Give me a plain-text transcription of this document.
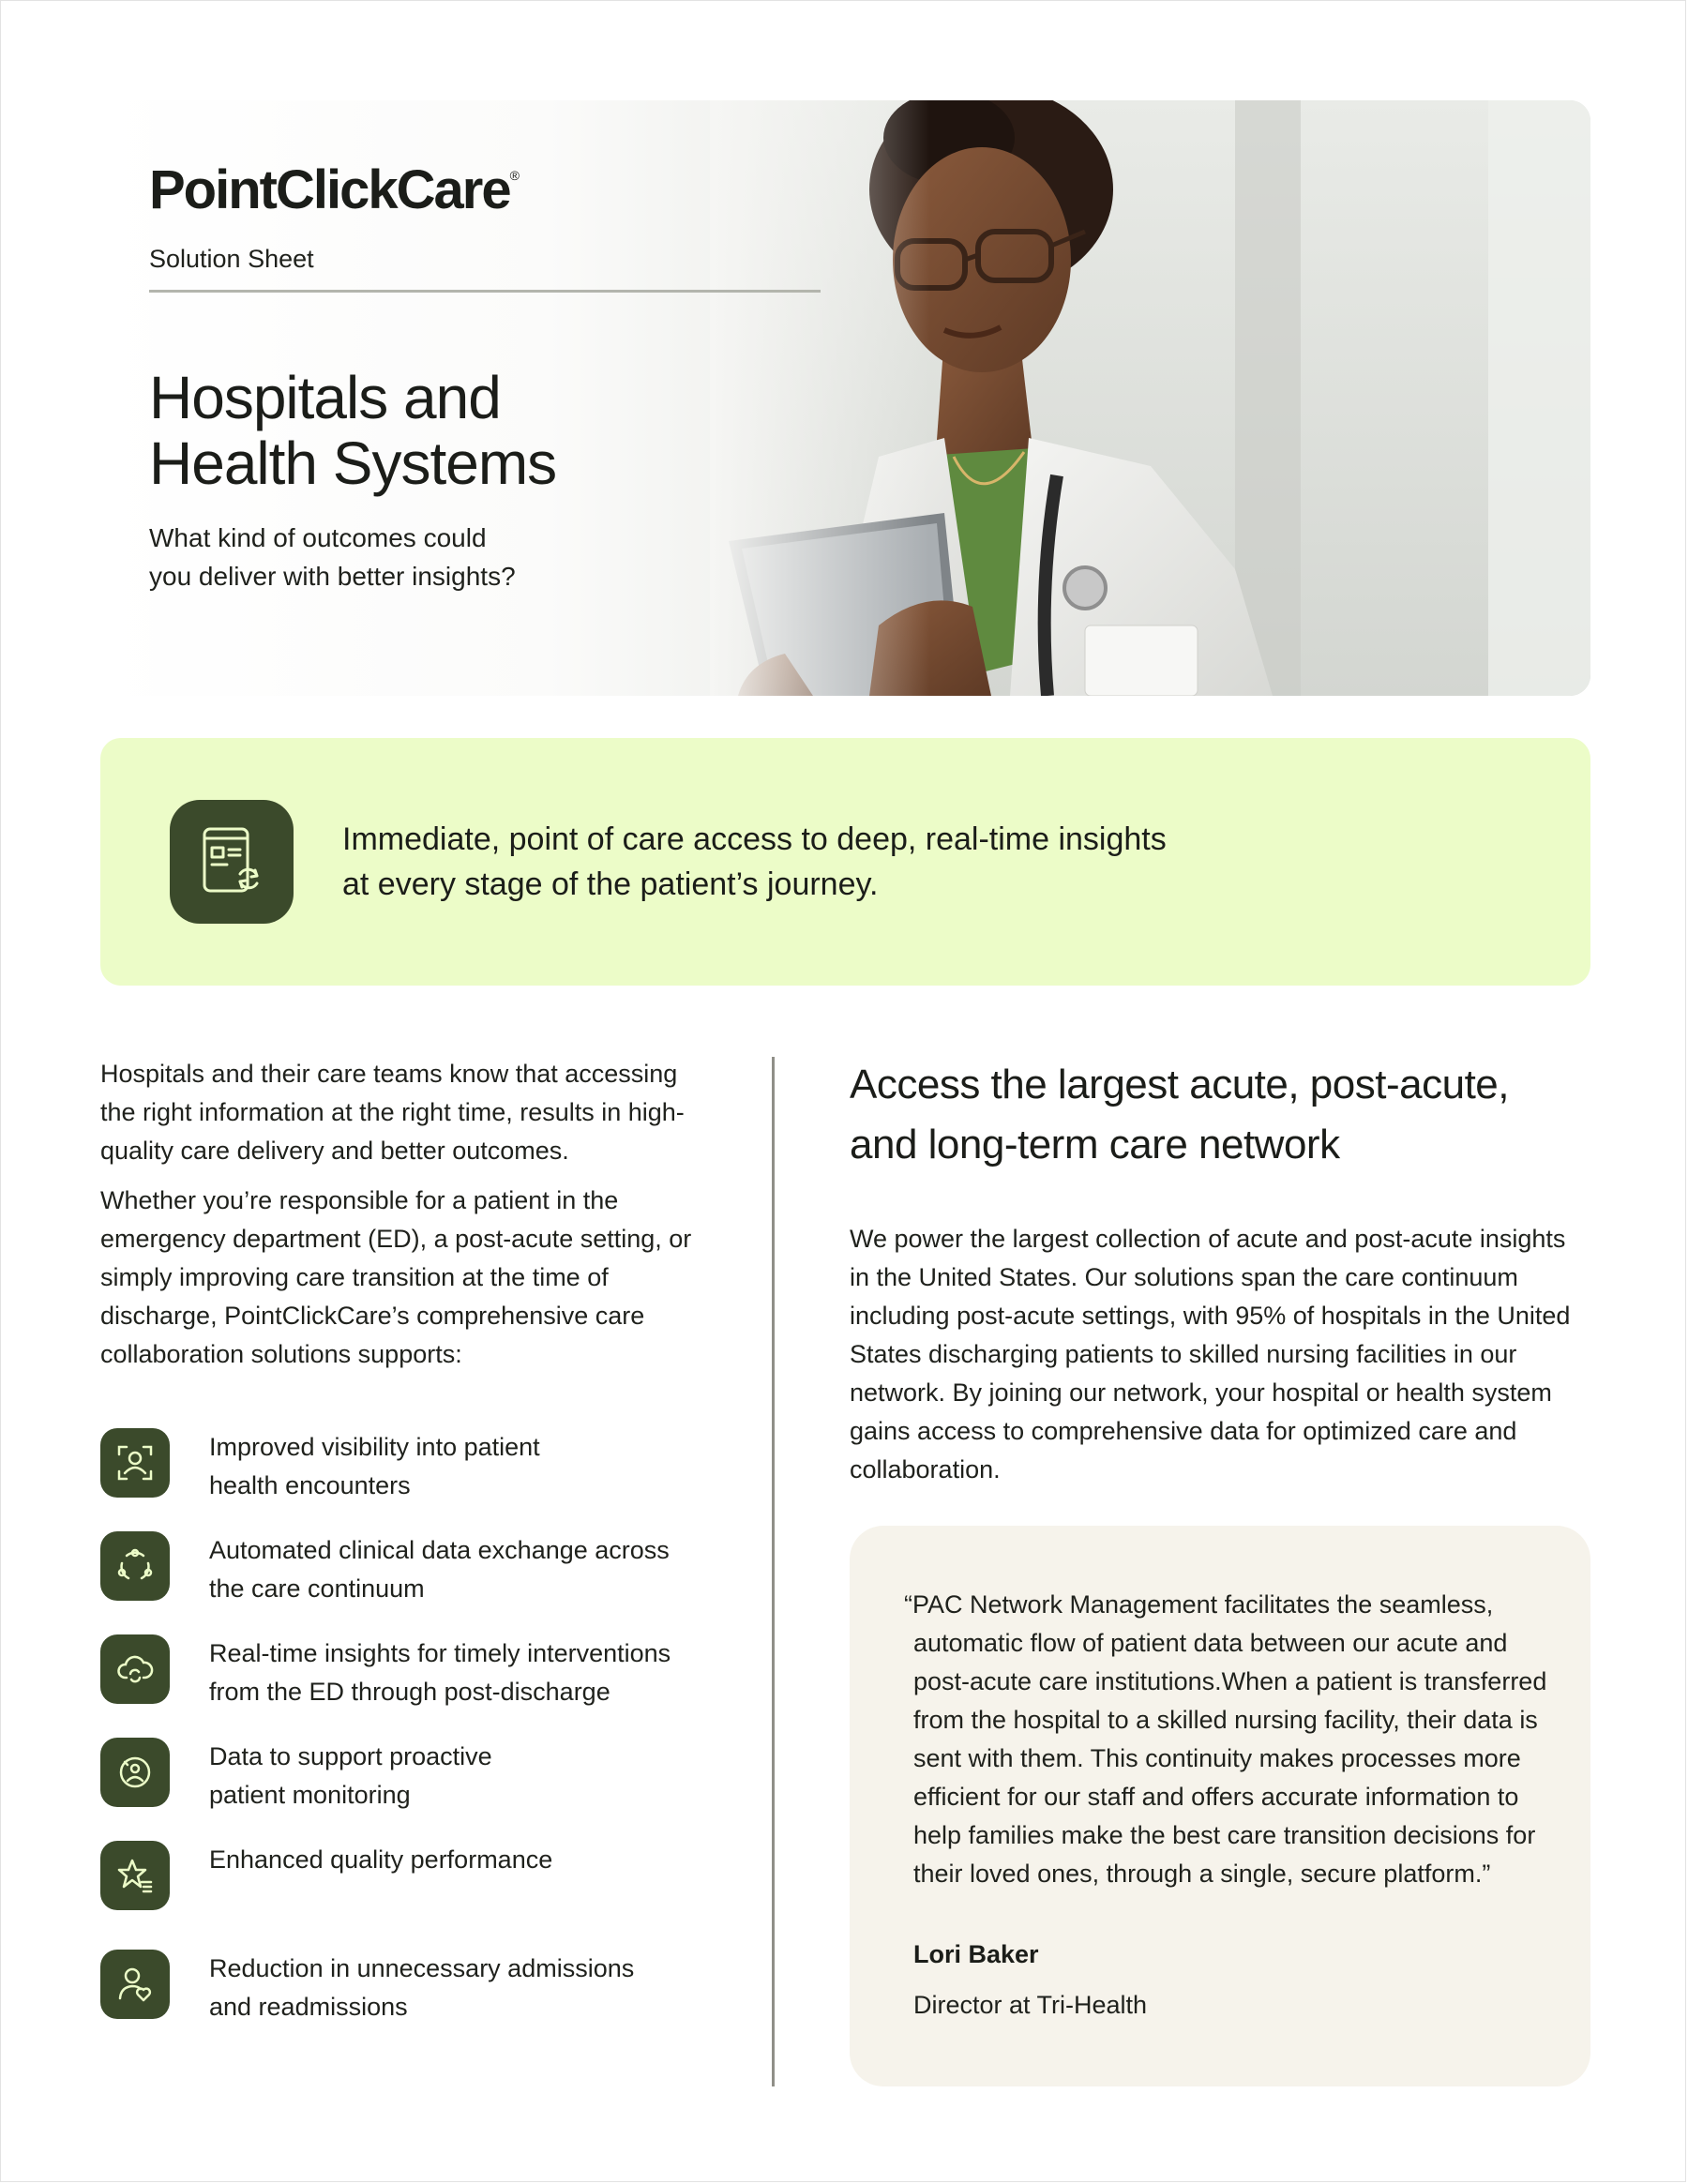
PointClickCare®
Solution Sheet
Hospitals and
Health Systems
What kind of outcomes could
you deliver with better insights?
Immediate, point of care access to deep, real-time insights
at every stage of the patient’s journey.

Hospitals and their care teams know that accessing the right information at the right time, results in high-quality care delivery and better outcomes.

Whether you’re responsible for a patient in the emergency department (ED), a post-acute setting, or simply improving care transition at the time of discharge, PointClickCare’s comprehensive care collaboration solutions supports:

Improved visibility into patient
health encounters
Automated clinical data exchange across
the care continuum
Real-time insights for timely interventions
from the ED through post-discharge
Data to support proactive
patient monitoring
Enhanced quality performance
Reduction in unnecessary admissions
and readmissions
Access the largest acute, post-acute,
and long-term care network

We power the largest collection of acute and post-acute insights in the United States. Our solutions span the care continuum including post-acute settings, with 95% of hospitals in the United States discharging patients to skilled nursing facilities in our network. By joining our network, your hospital or health system gains access to comprehensive data for optimized care and collaboration.

“PAC Network Management facilitates the seamless, automatic flow of patient data between our acute and post-acute care institutions.When a patient is transferred from the hospital to a skilled nursing facility, their data is sent with them. This continuity makes processes more efficient for our staff and offers accurate information to help families make the best care transition decisions for their loved ones, through a single, secure platform.”
Lori Baker
Director at Tri-Health
